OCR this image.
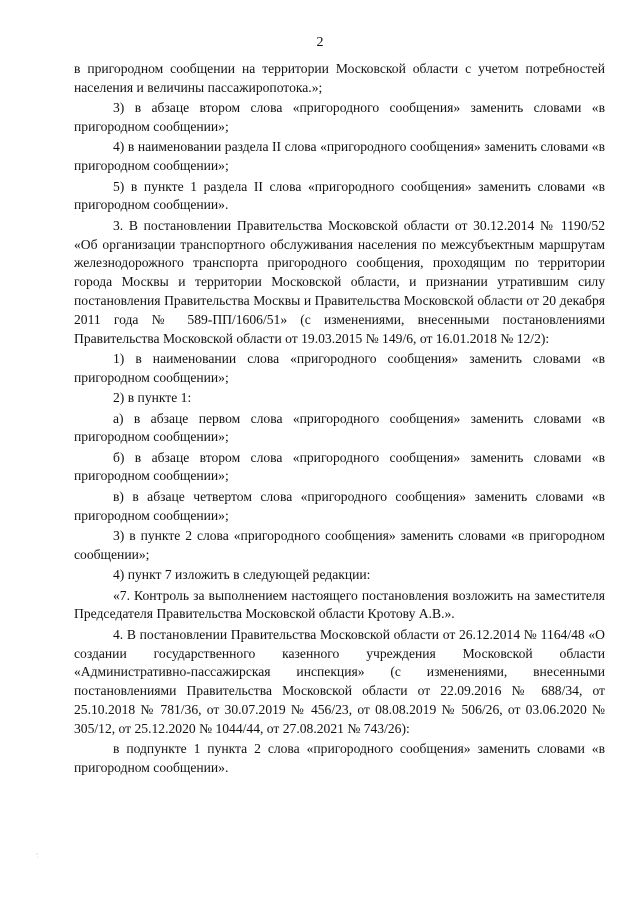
2

в пригородном сообщении на территории Московской области с учетом потребностей населения и величины пассажиропотока.»;

3) в абзаце втором слова «пригородного сообщения» заменить словами «в пригородном сообщении»;

4) в наименовании раздела II слова «пригородного сообщения» заменить словами «в пригородном сообщении»;

5) в пункте 1 раздела II слова «пригородного сообщения» заменить словами «в пригородном сообщении».

3. В постановлении Правительства Московской области от 30.12.2014 № 1190/52 «Об организации транспортного обслуживания населения по межсубъектным маршрутам железнодорожного транспорта пригородного сообщения, проходящим по территории города Москвы и территории Московской области, и признании утратившим силу постановления Правительства Москвы и Правительства Московской области от 20 декабря 2011 года № 589-ПП/1606/51» (с изменениями, внесенными постановлениями Правительства Московской области от 19.03.2015 № 149/6, от 16.01.2018 № 12/2):

1) в наименовании слова «пригородного сообщения» заменить словами «в пригородном сообщении»;

2) в пункте 1:

а) в абзаце первом слова «пригородного сообщения» заменить словами «в пригородном сообщении»;

б) в абзаце втором слова «пригородного сообщения» заменить словами «в пригородном сообщении»;

в) в абзаце четвертом слова «пригородного сообщения» заменить словами «в пригородном сообщении»;

3) в пункте 2 слова «пригородного сообщения» заменить словами «в пригородном сообщении»;

4) пункт 7 изложить в следующей редакции:

«7. Контроль за выполнением настоящего постановления возложить на заместителя Председателя Правительства Московской области Кротову А.В.».

4. В постановлении Правительства Московской области от 26.12.2014 № 1164/48 «О создании государственного казенного учреждения Московской области «Административно-пассажирская инспекция» (с изменениями, внесенными постановлениями Правительства Московской области от 22.09.2016 № 688/34, от 25.10.2018 № 781/36, от 30.07.2019 № 456/23, от 08.08.2019 № 506/26, от 03.06.2020 № 305/12, от 25.12.2020 № 1044/44, от 27.08.2021 № 743/26):

в подпункте 1 пункта 2 слова «пригородного сообщения» заменить словами «в пригородном сообщении».
